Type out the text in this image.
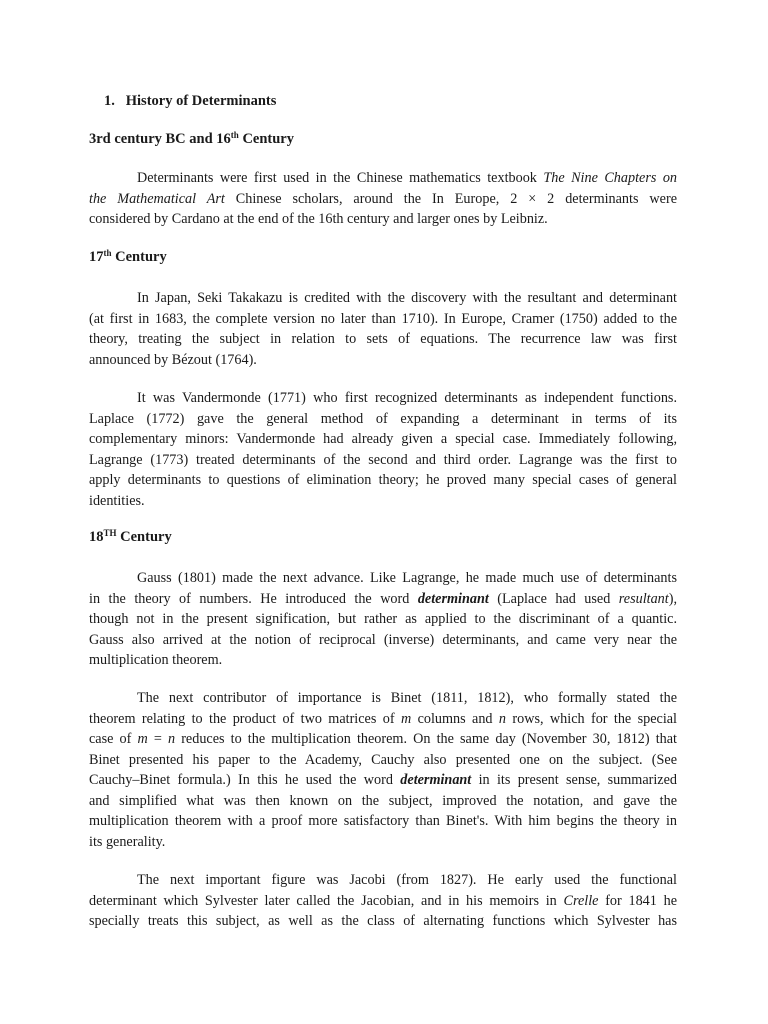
1. History of Determinants
3rd century BC and 16th Century
Determinants were first used in the Chinese mathematics textbook The Nine Chapters on
the Mathematical Art Chinese scholars, around the In Europe, 2 × 2 determinants were
considered by Cardano at the end of the 16th century and larger ones by Leibniz.
17th Century
In Japan, Seki Takakazu is credited with the discovery with the resultant and determinant
(at first in 1683, the complete version no later than 1710). In Europe, Cramer (1750) added to the
theory, treating the subject in relation to sets of equations. The recurrence law was first
announced by Bézout (1764).
It was Vandermonde (1771) who first recognized determinants as independent functions.
Laplace (1772) gave the general method of expanding a determinant in terms of its
complementary minors: Vandermonde had already given a special case. Immediately following,
Lagrange (1773) treated determinants of the second and third order. Lagrange was the first to
apply determinants to questions of elimination theory; he proved many special cases of general
identities.
18TH Century
Gauss (1801) made the next advance. Like Lagrange, he made much use of determinants
in the theory of numbers. He introduced the word determinant (Laplace had used resultant),
though not in the present signification, but rather as applied to the discriminant of a quantic.
Gauss also arrived at the notion of reciprocal (inverse) determinants, and came very near the
multiplication theorem.
The next contributor of importance is Binet (1811, 1812), who formally stated the
theorem relating to the product of two matrices of m columns and n rows, which for the special
case of m = n reduces to the multiplication theorem. On the same day (November 30, 1812) that
Binet presented his paper to the Academy, Cauchy also presented one on the subject. (See
Cauchy–Binet formula.) In this he used the word determinant in its present sense, summarized
and simplified what was then known on the subject, improved the notation, and gave the
multiplication theorem with a proof more satisfactory than Binet's. With him begins the theory in
its generality.
The next important figure was Jacobi (from 1827). He early used the functional
determinant which Sylvester later called the Jacobian, and in his memoirs in Crelle for 1841 he
specially treats this subject, as well as the class of alternating functions which Sylvester has
